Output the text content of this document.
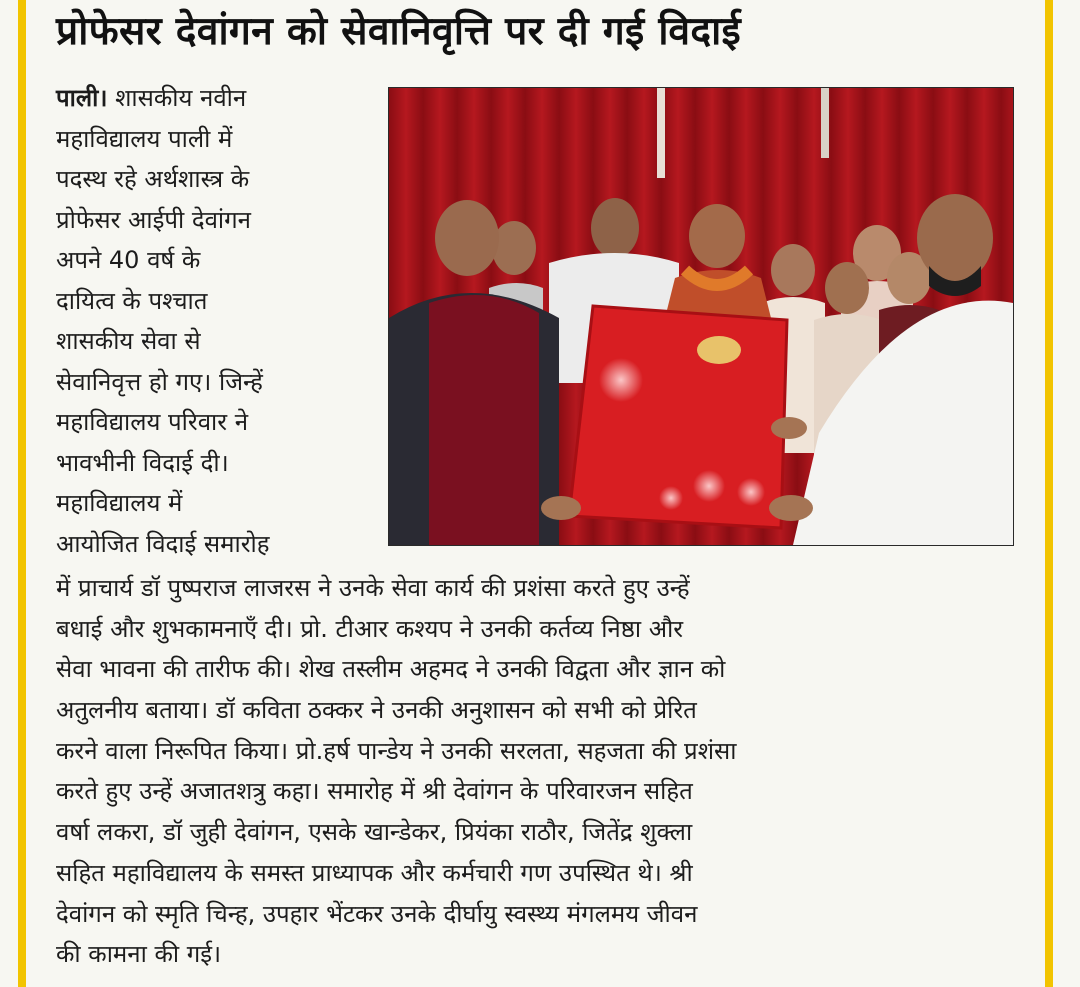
प्रोफेसर देवांगन को सेवानिवृत्ति पर दी गई विदाई

पाली। शासकीय नवीन
महाविद्यालय पाली में
पदस्थ रहे अर्थशास्त्र के
प्रोफेसर आईपी देवांगन
अपने 40 वर्ष के
दायित्व के पश्चात
शासकीय सेवा से
सेवानिवृत्त हो गए। जिन्हें
महाविद्यालय परिवार ने
भावभीनी विदाई दी।
महाविद्यालय में
आयोजित विदाई समारोह

में प्राचार्य डॉ पुष्पराज लाजरस ने उनके सेवा कार्य की प्रशंसा करते हुए उन्हें
बधाई और शुभकामनाएँ दी। प्रो. टीआर कश्यप ने उनकी कर्तव्य निष्ठा और
सेवा भावना की तारीफ की। शेख तस्लीम अहमद ने उनकी विद्वता और ज्ञान को
अतुलनीय बताया। डॉ कविता ठक्कर ने उनकी अनुशासन को सभी को प्रेरित
करने वाला निरूपित किया। प्रो.हर्ष पान्डेय ने उनकी सरलता, सहजता की प्रशंसा
करते हुए उन्हें अजातशत्रु कहा। समारोह में श्री देवांगन के परिवारजन सहित
वर्षा लकरा, डॉ जुही देवांगन, एसके खान्डेकर, प्रियंका राठौर, जितेंद्र शुक्ला
सहित महाविद्यालय के समस्त प्राध्यापक और कर्मचारी गण उपस्थित थे। श्री
देवांगन को स्मृति चिन्ह, उपहार भेंटकर उनके दीर्घायु स्वस्थ्य मंगलमय जीवन
की कामना की गई।
